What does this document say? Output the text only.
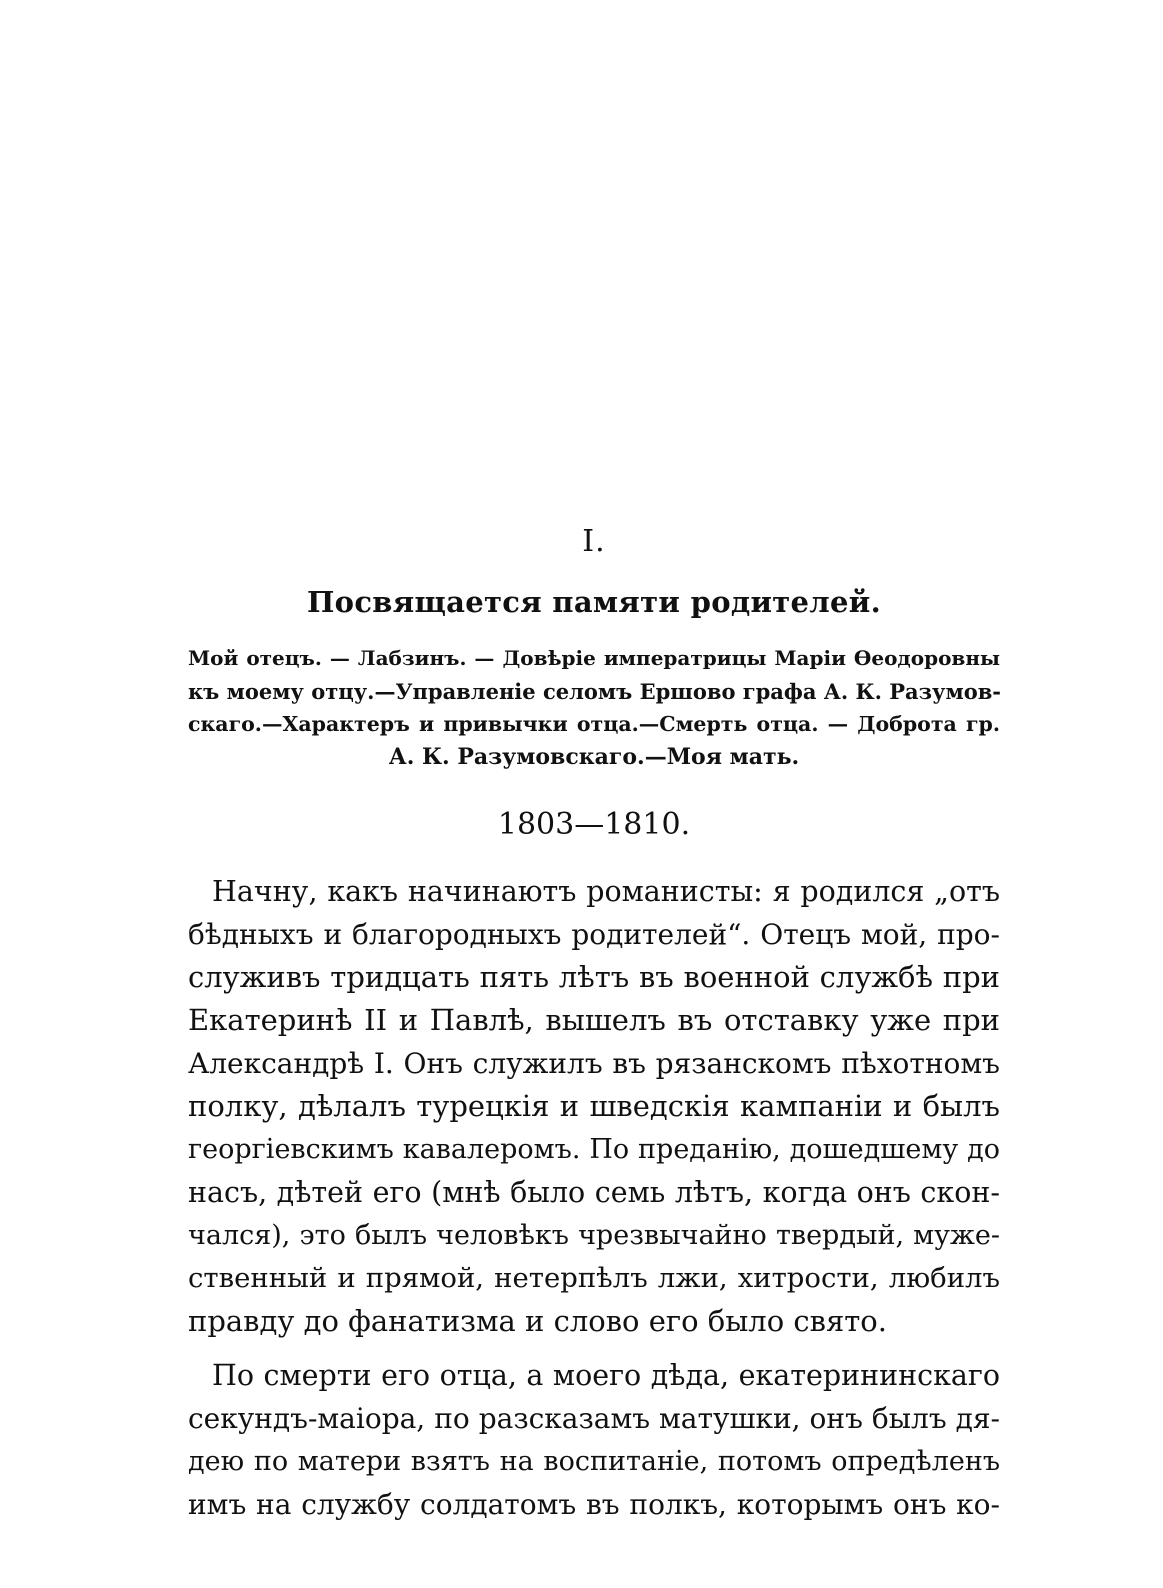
I.
Посвящается памяти родителей.
Мой отецъ. — Лабзинъ. — Довѣріе императрицы Маріи Ѳеодоровны
къ моему отцу.—Управленіе селомъ Ершово графа А. К. Разумов-
скаго.—Характеръ и привычки отца.—Смерть отца. — Доброта гр.
А. К. Разумовскаго.—Моя мать.
1803—1810.
Начну, какъ начинаютъ романисты: я родился „отъ
бѣдныхъ и благородныхъ родителей“. Отецъ мой, про-
служивъ тридцать пять лѣтъ въ военной службѣ при
Екатеринѣ II и Павлѣ, вышелъ въ отставку уже при
Александрѣ I. Онъ служилъ въ рязанскомъ пѣхотномъ
полку, дѣлалъ турецкія и шведскія кампаніи и былъ
георгіевскимъ кавалеромъ. По преданію, дошедшему до
насъ, дѣтей его (мнѣ было семь лѣтъ, когда онъ скон-
чался), это былъ человѣкъ чрезвычайно твердый, муже-
ственный и прямой, нетерпѣлъ лжи, хитрости, любилъ
правду до фанатизма и слово его было свято.
По смерти его отца, а моего дѣда, екатерининскаго
секундъ-маіора, по разсказамъ матушки, онъ былъ дя-
дею по матери взятъ на воспитаніе, потомъ опредѣленъ
имъ на службу солдатомъ въ полкъ, которымъ онъ ко-
